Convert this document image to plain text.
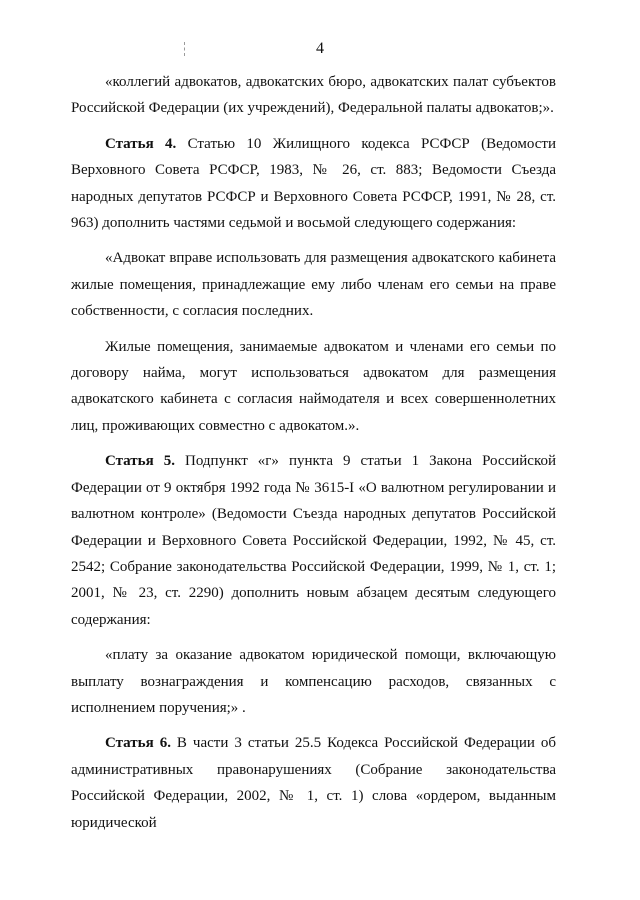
4

«коллегий адвокатов, адвокатских бюро, адвокатских палат субъектов Российской Федерации (их учреждений), Федеральной палаты адвокатов;».

Статья 4. Статью 10 Жилищного кодекса РСФСР (Ведомости Верховного Совета РСФСР, 1983, № 26, ст. 883; Ведомости Съезда народных депутатов РСФСР и Верховного Совета РСФСР, 1991, № 28, ст. 963) дополнить частями седьмой и восьмой следующего содержания:

«Адвокат вправе использовать для размещения адвокатского кабинета жилые помещения, принадлежащие ему либо членам его семьи на праве собственности, с согласия последних.

Жилые помещения, занимаемые адвокатом и членами его семьи по договору найма, могут использоваться адвокатом для размещения адвокатского кабинета с согласия наймодателя и всех совершеннолетних лиц, проживающих совместно с адвокатом.».

Статья 5. Подпункт «г» пункта 9 статьи 1 Закона Российской Федерации от 9 октября 1992 года № 3615-I «О валютном регулировании и валютном контроле» (Ведомости Съезда народных депутатов Российской Федерации и Верховного Совета Российской Федерации, 1992, № 45, ст. 2542; Собрание законодательства Российской Федерации, 1999, № 1, ст. 1; 2001, № 23, ст. 2290) дополнить новым абзацем десятым следующего содержания:

«плату за оказание адвокатом юридической помощи, включающую выплату вознаграждения и компенсацию расходов, связанных с исполнением поручения;» .

Статья 6. В части 3 статьи 25.5 Кодекса Российской Федерации об административных правонарушениях (Собрание законодательства Российской Федерации, 2002, № 1, ст. 1) слова «ордером, выданным юридической
